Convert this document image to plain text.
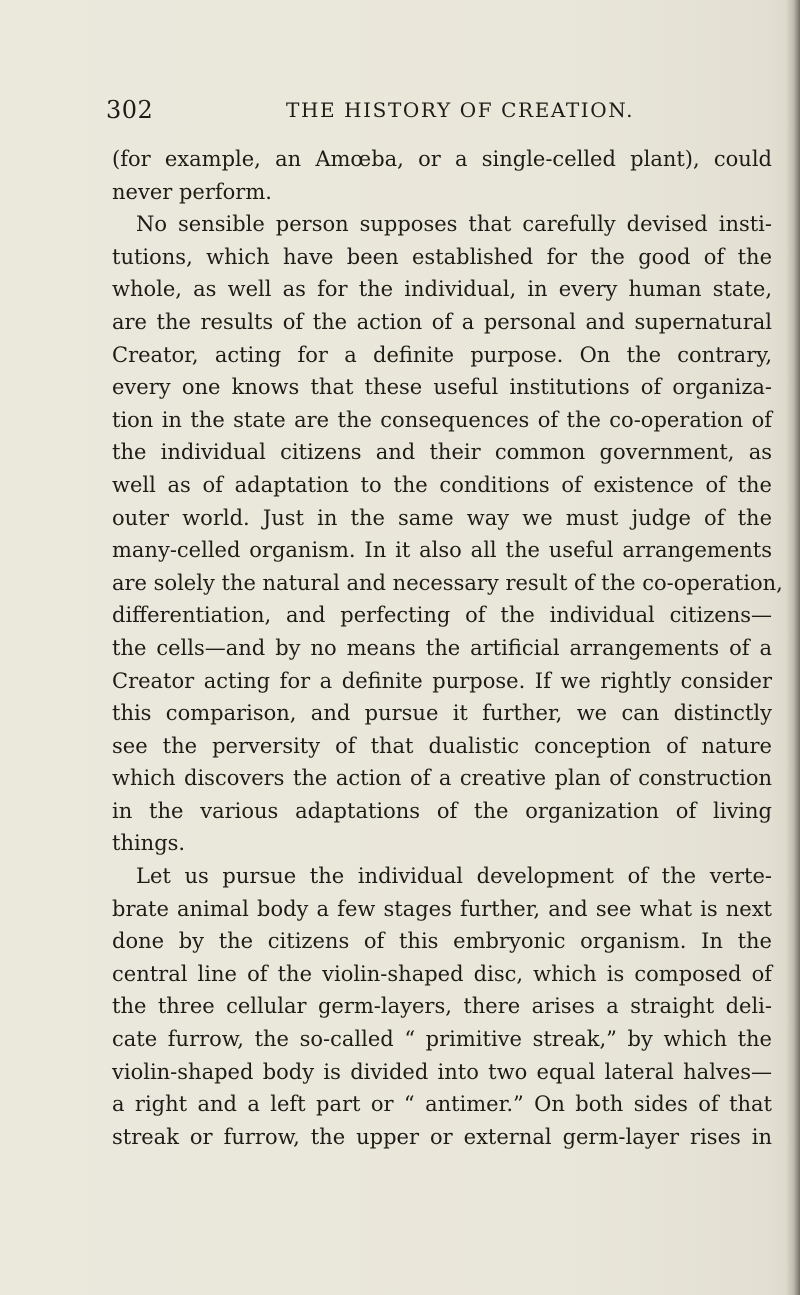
302	THE HISTORY OF CREATION.
(for example, an Amœba, or a single-celled plant), could
never perform.
No sensible person supposes that carefully devised insti-
tutions, which have been established for the good of the
whole, as well as for the individual, in every human state,
are the results of the action of a personal and supernatural
Creator, acting for a definite purpose. On the contrary,
every one knows that these useful institutions of organiza-
tion in the state are the consequences of the co-operation of
the individual citizens and their common government, as
well as of adaptation to the conditions of existence of the
outer world. Just in the same way we must judge of the
many-celled organism. In it also all the useful arrangements
are solely the natural and necessary result of the co-operation,
differentiation, and perfecting of the individual citizens—
the cells—and by no means the artificial arrangements of a
Creator acting for a definite purpose. If we rightly consider
this comparison, and pursue it further, we can distinctly
see the perversity of that dualistic conception of nature
which discovers the action of a creative plan of construction
in the various adaptations of the organization of living
things.
Let us pursue the individual development of the verte-
brate animal body a few stages further, and see what is next
done by the citizens of this embryonic organism. In the
central line of the violin-shaped disc, which is composed of
the three cellular germ-layers, there arises a straight deli-
cate furrow, the so-called “ primitive streak,” by which the
violin-shaped body is divided into two equal lateral halves—
a right and a left part or “ antimer.” On both sides of that
streak or furrow, the upper or external germ-layer rises in
